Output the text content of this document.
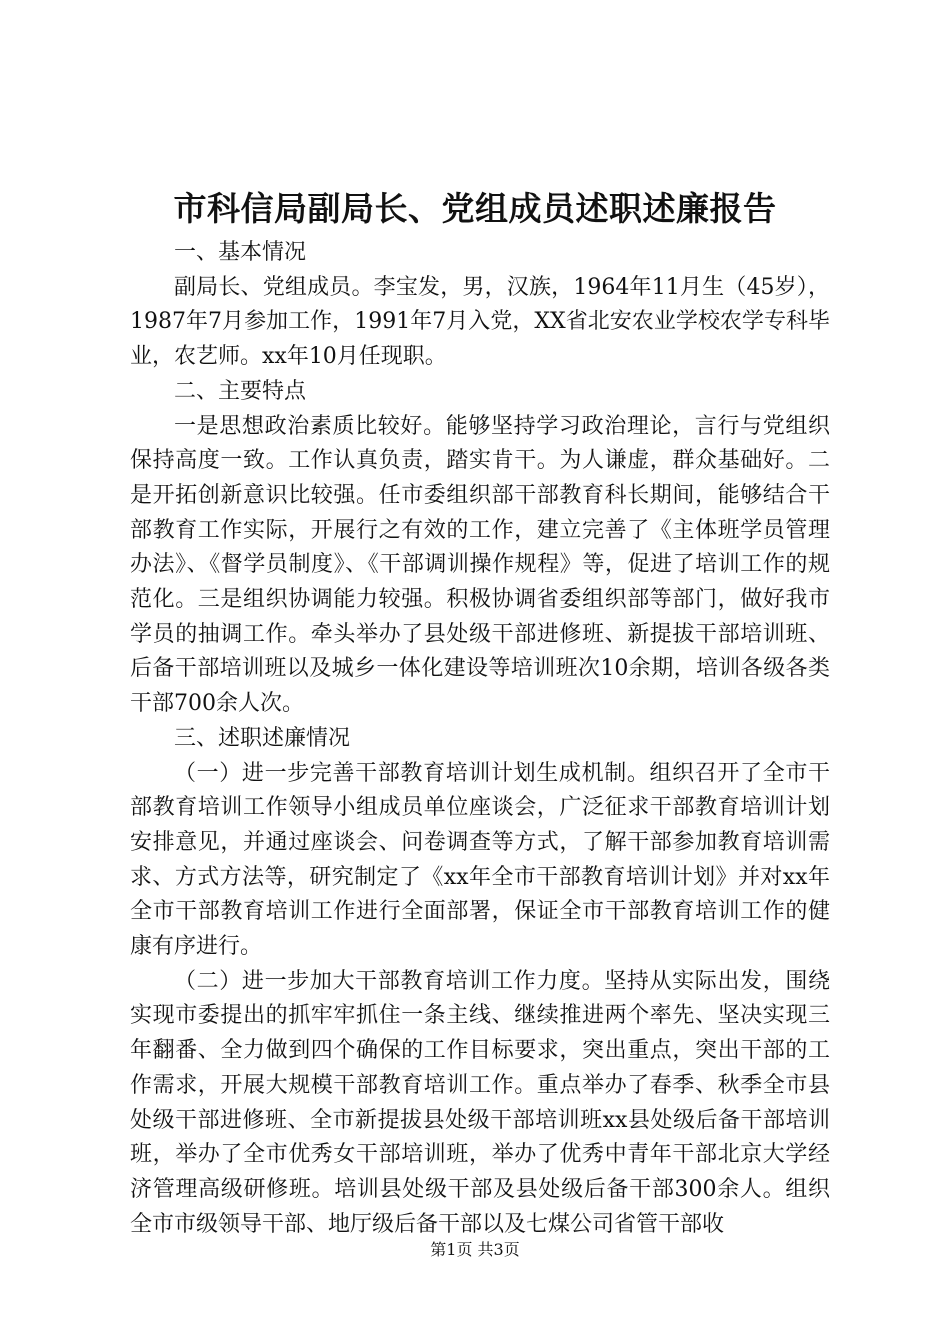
市科信局副局长、党组成员述职述廉报告

一、基本情况

副局长、党组成员。李宝发，男，汉族，1964年11月生（45岁），1987年7月参加工作，1991年7月入党，XX省北安农业学校农学专科毕业，农艺师。xx年10月任现职。

二、主要特点

一是思想政治素质比较好。能够坚持学习政治理论，言行与党组织保持高度一致。工作认真负责，踏实肯干。为人谦虚，群众基础好。二是开拓创新意识比较强。任市委组织部干部教育科长期间，能够结合干部教育工作实际，开展行之有效的工作，建立完善了《主体班学员管理办法》、《督学员制度》、《干部调训操作规程》等，促进了培训工作的规范化。三是组织协调能力较强。积极协调省委组织部等部门，做好我市学员的抽调工作。牵头举办了县处级干部进修班、新提拔干部培训班、后备干部培训班以及城乡一体化建设等培训班次10余期，培训各级各类干部700余人次。

三、述职述廉情况

（一）进一步完善干部教育培训计划生成机制。组织召开了全市干部教育培训工作领导小组成员单位座谈会，广泛征求干部教育培训计划安排意见，并通过座谈会、问卷调查等方式，了解干部参加教育培训需求、方式方法等，研究制定了《xx年全市干部教育培训计划》并对xx年全市干部教育培训工作进行全面部署，保证全市干部教育培训工作的健康有序进行。

（二）进一步加大干部教育培训工作力度。坚持从实际出发，围绕实现市委提出的抓牢牢抓住一条主线、继续推进两个率先、坚决实现三年翻番、全力做到四个确保的工作目标要求，突出重点，突出干部的工作需求，开展大规模干部教育培训工作。重点举办了春季、秋季全市县处级干部进修班、全市新提拔县处级干部培训班xx县处级后备干部培训班，举办了全市优秀女干部培训班，举办了优秀中青年干部北京大学经济管理高级研修班。培训县处级干部及县处级后备干部300余人。组织全市市级领导干部、地厅级后备干部以及七煤公司省管干部收

第1页 共3页
